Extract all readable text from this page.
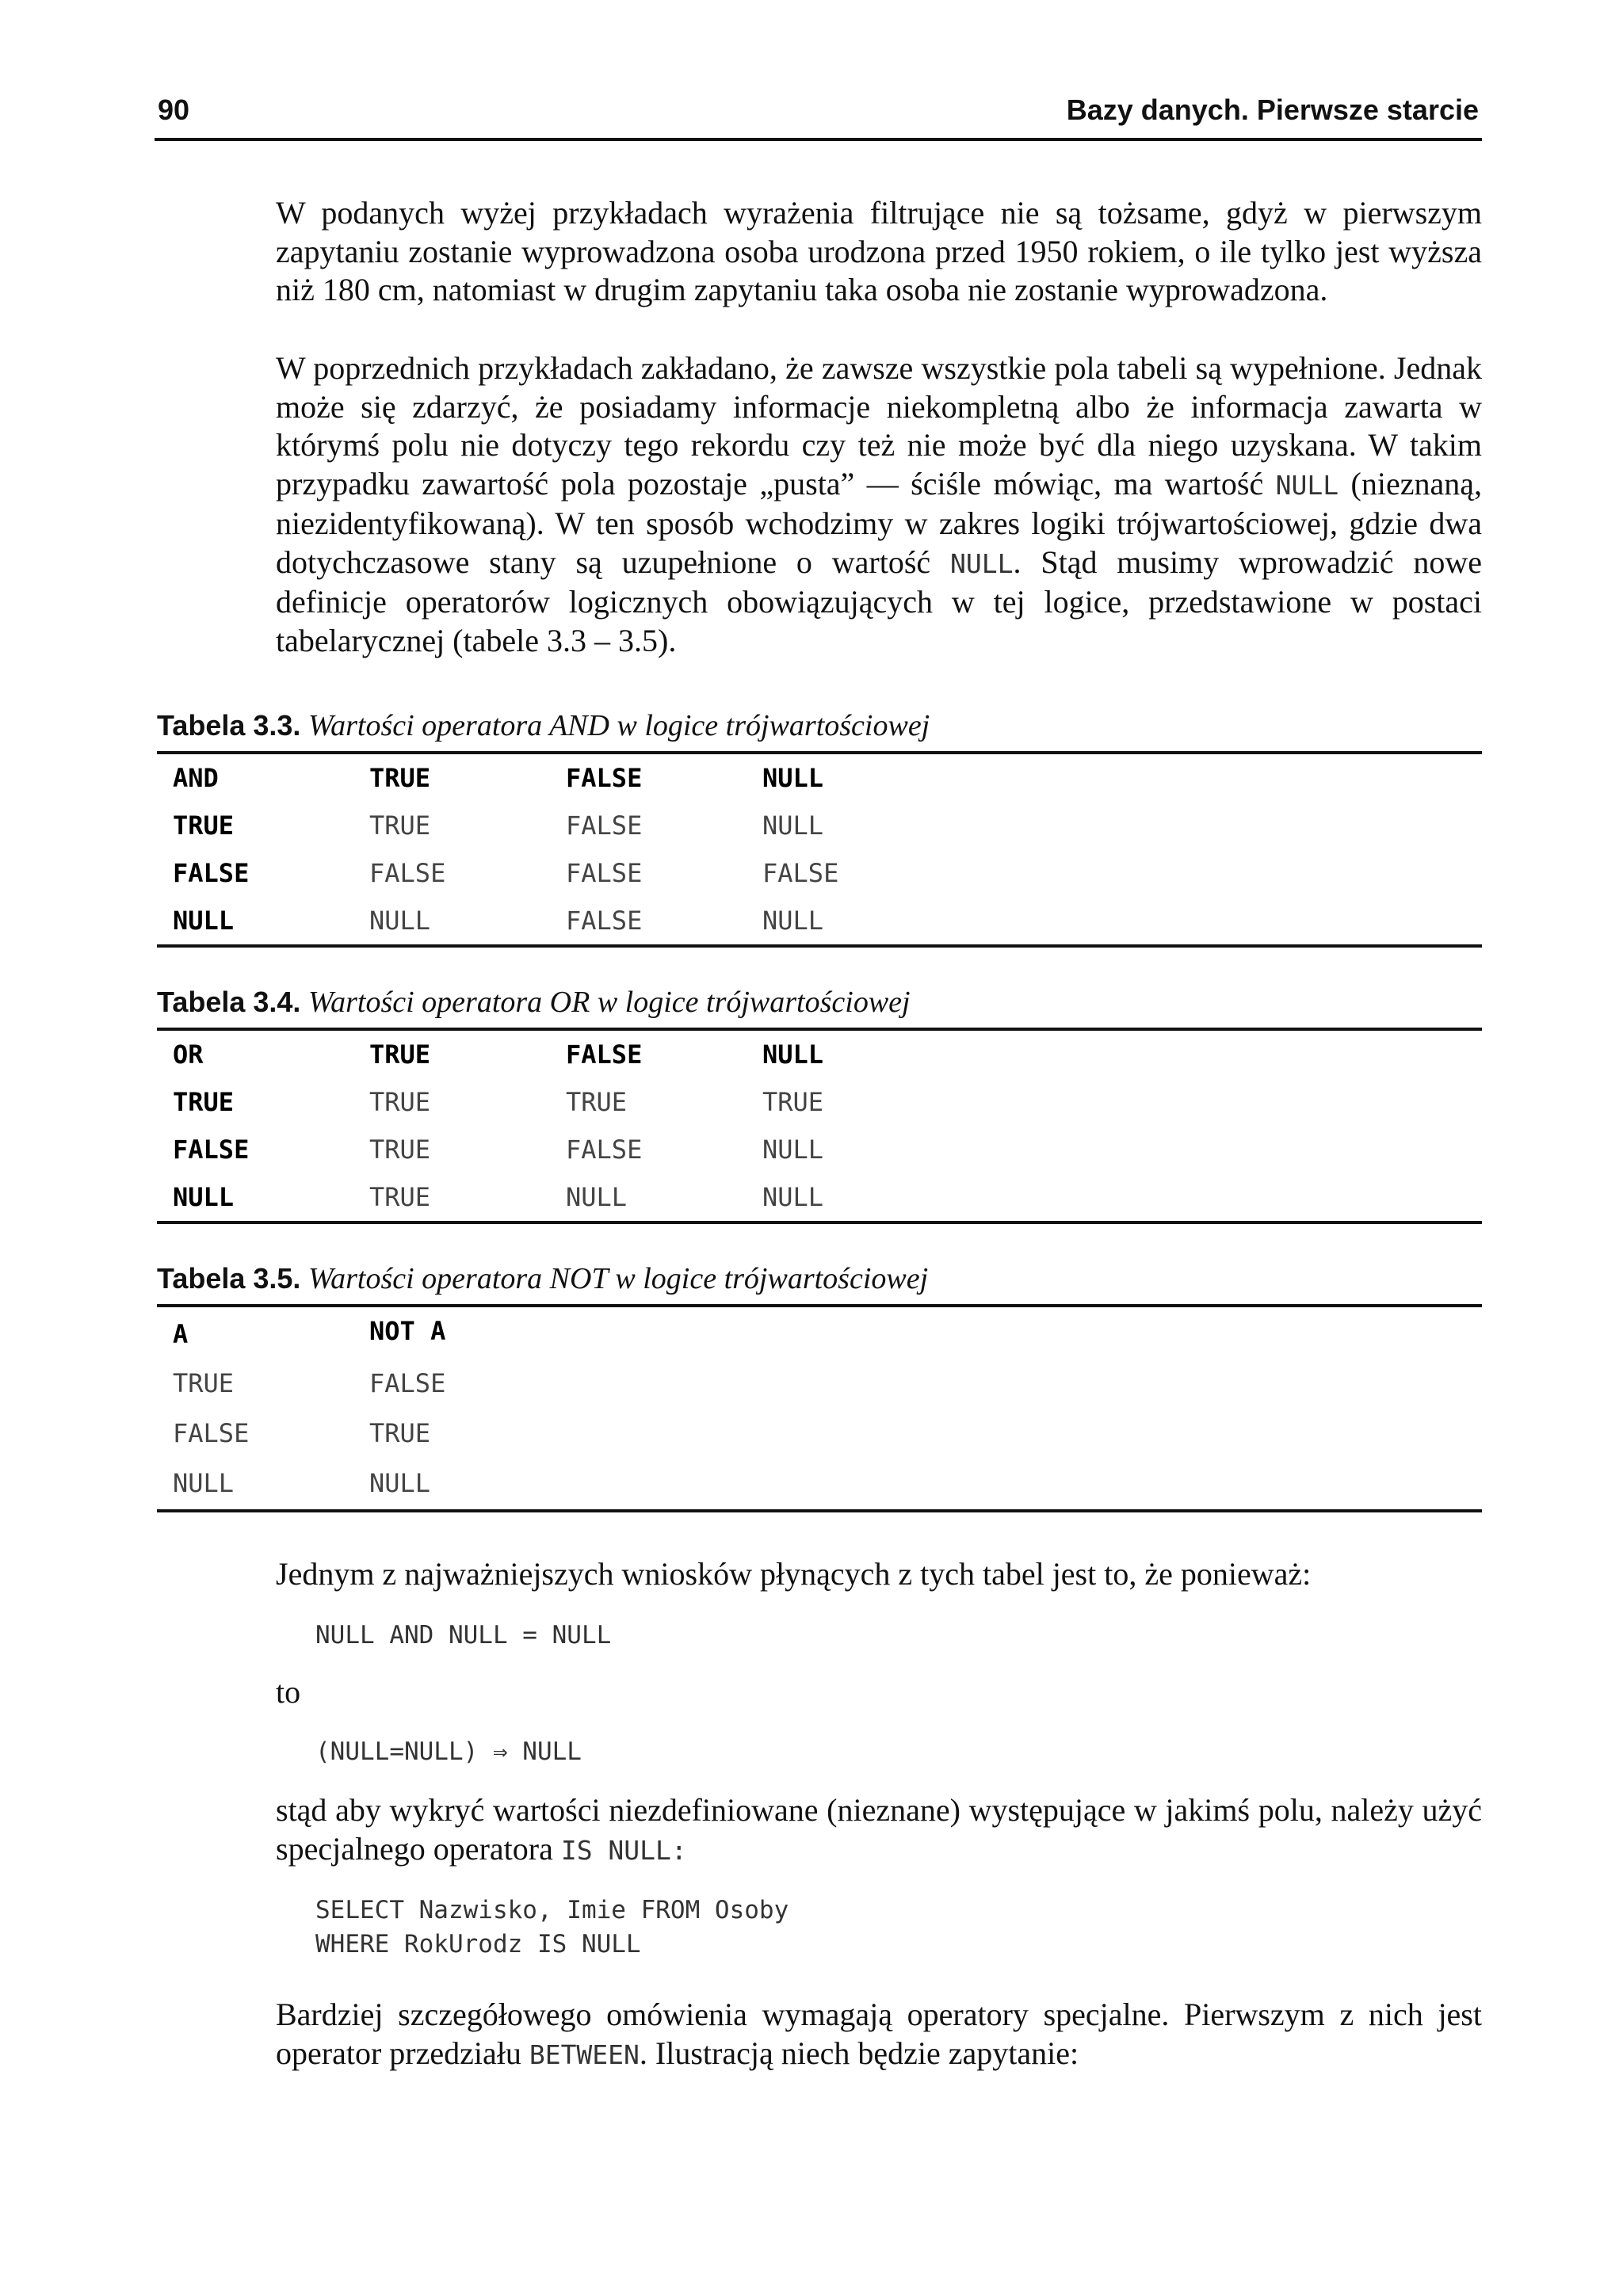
90	Bazy danych. Pierwsze starcie

W podanych wyżej przykładach wyrażenia filtrujące nie są tożsame, gdyż w pierwszym zapytaniu zostanie wyprowadzona osoba urodzona przed 1950 rokiem, o ile tylko jest wyższa niż 180 cm, natomiast w drugim zapytaniu taka osoba nie zostanie wyprowadzona.

W poprzednich przykładach zakładano, że zawsze wszystkie pola tabeli są wypełnione. Jednak może się zdarzyć, że posiadamy informacje niekompletną albo że informacja zawarta w którymś polu nie dotyczy tego rekordu czy też nie może być dla niego uzyskana. W takim przypadku zawartość pola pozostaje „pusta” — ściśle mówiąc, ma wartość NULL (nieznaną, niezidentyfikowaną). W ten sposób wchodzimy w zakres logiki trójwartościowej, gdzie dwa dotychczasowe stany są uzupełnione o wartość NULL. Stąd musimy wprowadzić nowe definicje operatorów logicznych obowiązujących w tej logice, przedstawione w postaci tabelarycznej (tabele 3.3 – 3.5).

Tabela 3.3. Wartości operatora AND w logice trójwartościowej
AND	TRUE	FALSE	NULL
TRUE	TRUE	FALSE	NULL
FALSE	FALSE	FALSE	FALSE
NULL	NULL	FALSE	NULL
Tabela 3.4. Wartości operatora OR w logice trójwartościowej
OR	TRUE	FALSE	NULL
TRUE	TRUE	TRUE	TRUE
FALSE	TRUE	FALSE	NULL
NULL	TRUE	NULL	NULL
Tabela 3.5. Wartości operatora NOT w logice trójwartościowej
A	NOT A
TRUE	FALSE
FALSE	TRUE
NULL	NULL

Jednym z najważniejszych wniosków płynących z tych tabel jest to, że ponieważ:

NULL AND NULL = NULL

to

(NULL=NULL) ⇒ NULL

stąd aby wykryć wartości niezdefiniowane (nieznane) występujące w jakimś polu, należy użyć specjalnego operatora IS NULL:

SELECT Nazwisko, Imie FROM Osoby
WHERE RokUrodz IS NULL

Bardziej szczegółowego omówienia wymagają operatory specjalne. Pierwszym z nich jest operator przedziału BETWEEN. Ilustracją niech będzie zapytanie:
